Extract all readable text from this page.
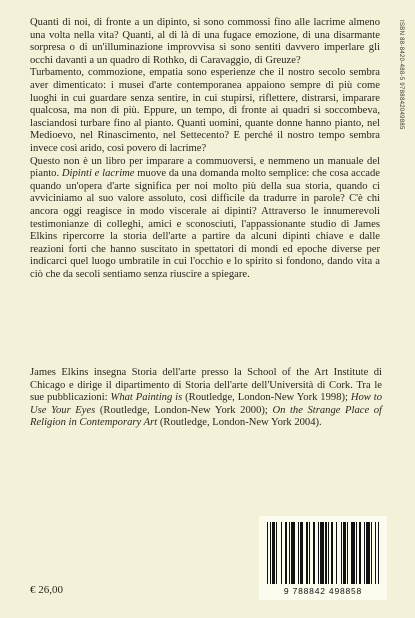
Quanti di noi, di fronte a un dipinto, si sono commossi fino alle lacrime almeno una volta nella vita? Quanti, al di là di una fugace emozione, di una disarmante sorpresa o di un'illuminazione improvvisa si sono sentiti davvero imperlare gli occhi davanti a un quadro di Rothko, di Caravaggio, di Greuze?

Turbamento, commozione, empatia sono esperienze che il nostro secolo sembra aver dimenticato: i musei d'arte contemporanea appaiono sempre di più come luoghi in cui guardare senza sentire, in cui stupirsi, riflettere, distrarsi, imparare qualcosa, ma non di più. Eppure, un tempo, di fronte ai quadri si soccombeva, lasciandosi turbare fino al pianto. Quanti uomini, quante donne hanno pianto, nel Medioevo, nel Rinascimento, nel Settecento? E perché il nostro tempo sembra invece così arido, così povero di lacrime?

Questo non è un libro per imparare a commuoversi, e nemmeno un manuale del pianto. Dipinti e lacrime muove da una domanda molto semplice: che cosa accade quando un'opera d'arte significa per noi molto più della sua storia, quando ci avviciniamo al suo valore assoluto, così difficile da tradurre in parole? C'è chi ancora oggi reagisce in modo viscerale ai dipinti? Attraverso le innumerevoli testimonianze di colleghi, amici e sconosciuti, l'appassionante studio di James Elkins ripercorre la storia dell'arte a partire da alcuni dipinti chiave e dalle reazioni forti che hanno suscitato in spettatori di mondi ed epoche diverse per indicarci quel luogo umbratile in cui l'occhio e lo spirito si fondono, dando vita a ciò che da secoli sentiamo senza riuscire a spiegare.

James Elkins insegna Storia dell'arte presso la School of the Art Institute di Chicago e dirige il dipartimento di Storia dell'arte dell'Università di Cork. Tra le sue pubblicazioni: What Painting is (Routledge, London-New York 1998); How to Use Your Eyes (Routledge, London-New York 2000); On the Strange Place of Religion in Contemporary Art (Routledge, London-New York 2004).

ISBN 88-8420-488-5 9788842049885
€ 26,00	9 788842 498858
